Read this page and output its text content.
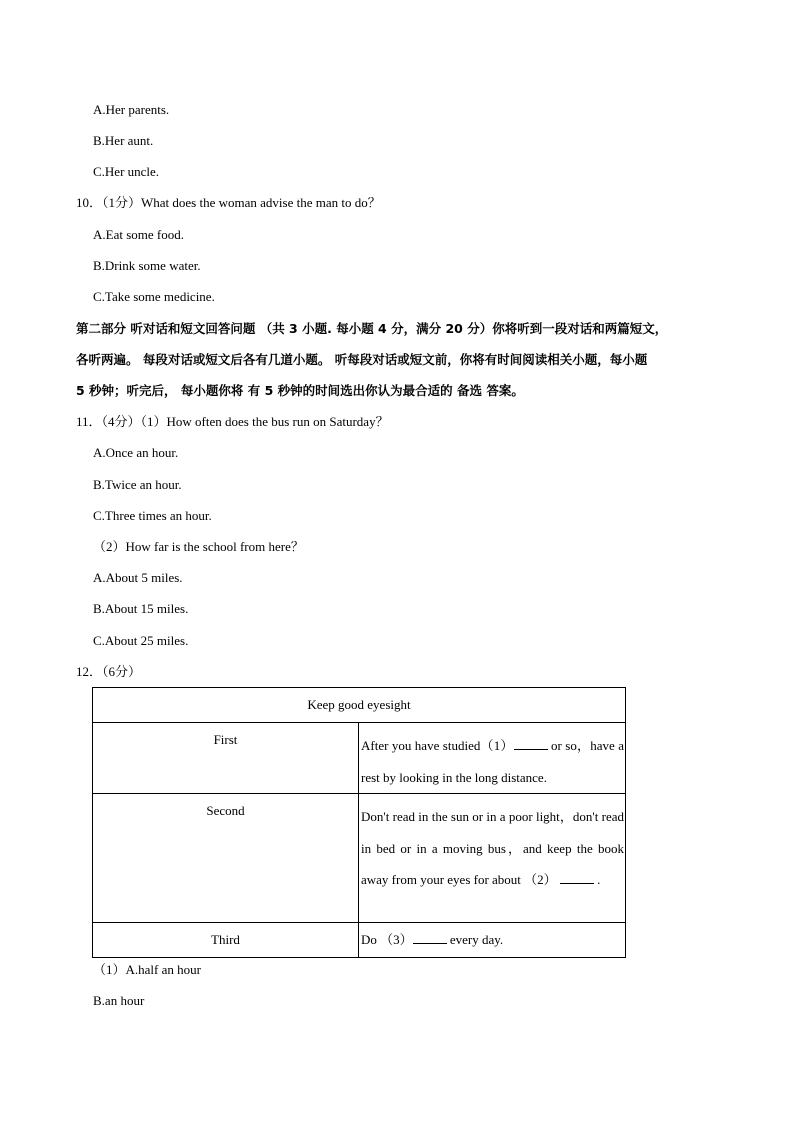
A.Her parents.
B.Her aunt.
C.Her uncle.
10．（1分）What does the woman advise the man to do？
A.Eat some food.
B.Drink some water.
C.Take some medicine.
第二部分 听对话和短文回答问题 （共 3 小题. 每小题 4 分，满分 20 分）你将听到一段对话和两篇短文，
各听两遍。 每段对话或短文后各有几道小题。 听每段对话或短文前，你将有时间阅读相关小题，每小题
5 秒钟；听完后， 每小题你将 有 5 秒钟的时间选出你认为最合适的 备选 答案。
11．（4分）（1）How often does the bus run on Saturday？
A.Once an hour.
B.Twice an hour.
C.Three times an hour.
（2）How far is the school from here？
A.About 5 miles.
B.About 15 miles.
C.About 25 miles.
12．（6分）
Keep good eyesight	
First	After you have studied（1） or so，have a rest by looking in the long distance.
Second	Don't read in the sun or in a poor light，don't read in bed or in a moving bus，and keep the book away from your eyes for about （2） .
Third	Do （3） every day.
（1）A.half an hour
B.an hour
